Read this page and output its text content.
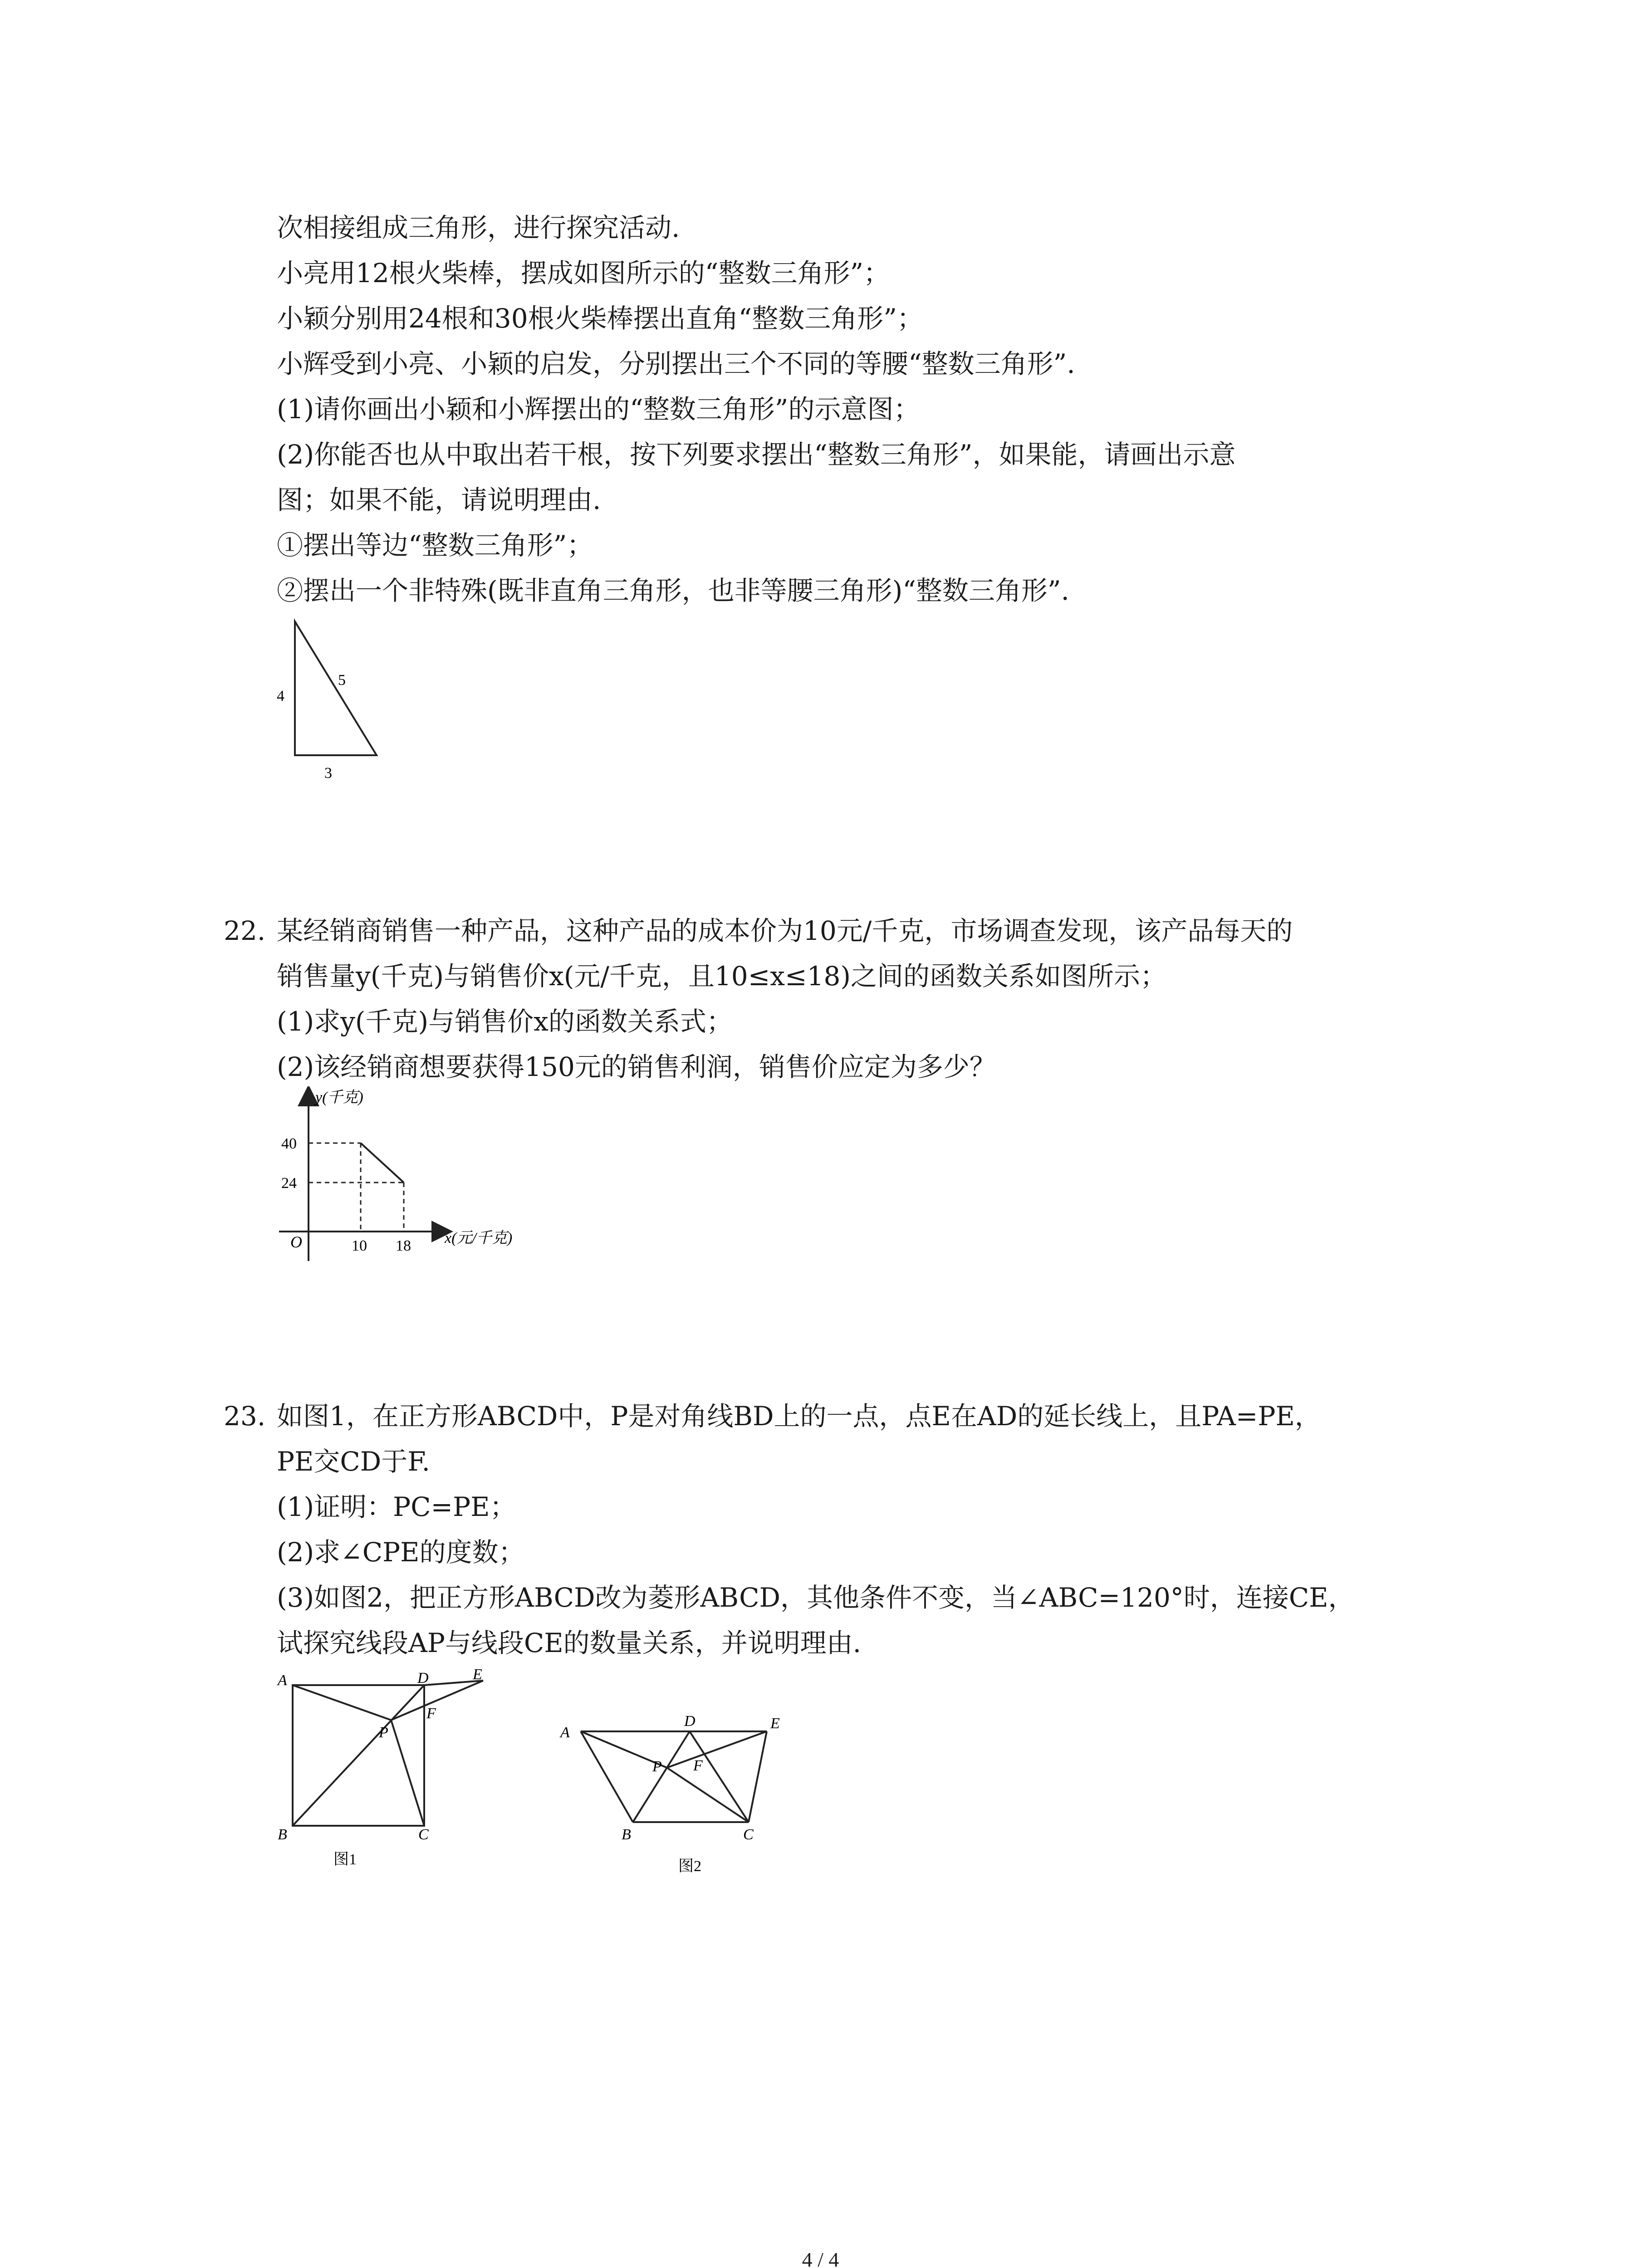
次相接组成三角形，进行探究活动.
小亮用12根火柴棒，摆成如图所示的“整数三角形”；
小颖分别用24根和30根火柴棒摆出直角“整数三角形”；
小辉受到小亮、小颖的启发，分别摆出三个不同的等腰“整数三角形”.
(1)请你画出小颖和小辉摆出的“整数三角形”的示意图；
(2)你能否也从中取出若干根，按下列要求摆出“整数三角形”，如果能，请画出示意
图；如果不能，请说明理由.
①摆出等边“整数三角形”；
②摆出一个非特殊(既非直角三角形，也非等腰三角形)“整数三角形”.
4
5
3
22. 某经销商销售一种产品，这种产品的成本价为10元/千克，市场调查发现，该产品每天的
销售量y(千克)与销售价x(元/千克，且10≤x≤18)之间的函数关系如图所示；
(1)求y(千克)与销售价x的函数关系式；
(2)该经销商想要获得150元的销售利润，销售价应定为多少？
y(千克)
x(元/千克)
O
40
24
10 18
23. 如图1，在正方形ABCD中，P是对角线BD上的一点，点E在AD的延长线上，且PA=PE，
PE交CD于F.
(1)证明：PC=PE；
(2)求∠CPE的度数；
(3)如图2，把正方形ABCD改为菱形ABCD，其他条件不变，当∠ABC=120°时，连接CE，
试探究线段AP与线段CE的数量关系，并说明理由.
A
B	C
D	E
F
P
图1
A
B	C
D	E
F
P
图2
4 / 4
